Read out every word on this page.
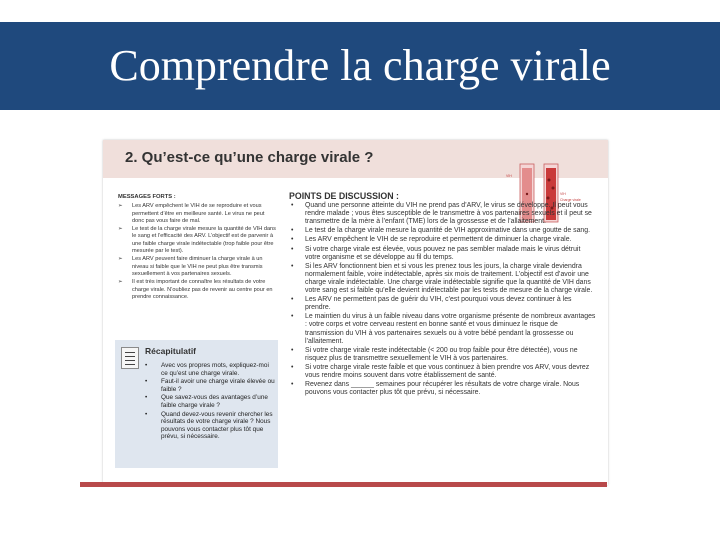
Comprendre la charge virale
2. Qu’est-ce qu’une charge virale ?
VIH
VIH
Charge virale
MESSAGES FORTS :
➢ Les ARV empêchent le VIH de se reproduire et vous permettent d’être en meilleure santé. Le virus ne peut donc pas vous faire de mal.
➢ Le test de la charge virale mesure la quantité de VIH dans le sang et l’efficacité des ARV. L’objectif est de parvenir à une faible charge virale indétectable (trop faible pour être mesurée par le test).
➢ Les ARV peuvent faire diminuer la charge virale à un niveau si faible que le VIH ne peut plus être transmis sexuellement à vos partenaires sexuels.
➢ Il est très important de connaître les résultats de votre charge virale. N’oubliez pas de revenir au centre pour en prendre connaissance.
Récapitulatif
• Avec vos propres mots, expliquez-moi ce qu’est une charge virale.
• Faut-il avoir une charge virale élevée ou faible ?
• Que savez-vous des avantages d’une faible charge virale ?
• Quand devez-vous revenir chercher les résultats de votre charge virale ? Nous pouvons vous contacter plus tôt que prévu, si nécessaire.
POINTS DE DISCUSSION :
• Quand une personne atteinte du VIH ne prend pas d’ARV, le virus se développe. Il peut vous rendre malade ; vous êtes susceptible de le transmettre à vos partenaires sexuels et il peut se transmettre de la mère à l’enfant (TME) lors de la grossesse et de l’allaitement.
• Le test de la charge virale mesure la quantité de VIH approximative dans une goutte de sang.
• Les ARV empêchent le VIH de se reproduire et permettent de diminuer la charge virale.
• Si votre charge virale est élevée, vous pouvez ne pas sembler malade mais le virus détruit votre organisme et se développe au fil du temps.
• Si les ARV fonctionnent bien et si vous les prenez tous les jours, la charge virale deviendra normalement faible, voire indétectable, après six mois de traitement. L’objectif est d’avoir une charge virale indétectable. Une charge virale indétectable signifie que la quantité de VIH dans votre sang est si faible qu’elle devient indétectable par les tests de mesure de la charge virale.
• Les ARV ne permettent pas de guérir du VIH, c’est pourquoi vous devez continuer à les prendre.
• Le maintien du virus à un faible niveau dans votre organisme présente de nombreux avantages : votre corps et votre cerveau restent en bonne santé et vous diminuez le risque de transmission du VIH à vos partenaires sexuels ou à votre bébé pendant la grossesse ou l’allaitement.
• Si votre charge virale reste indétectable (< 200 ou trop faible pour être détectée), vous ne risquez plus de transmettre sexuellement le VIH à vos partenaires.
• Si votre charge virale reste faible et que vous continuez à bien prendre vos ARV, vous devrez vous rendre moins souvent dans votre établissement de santé.
• Revenez dans ______ semaines pour récupérer les résultats de votre charge virale. Nous pouvons vous contacter plus tôt que prévu, si nécessaire.
